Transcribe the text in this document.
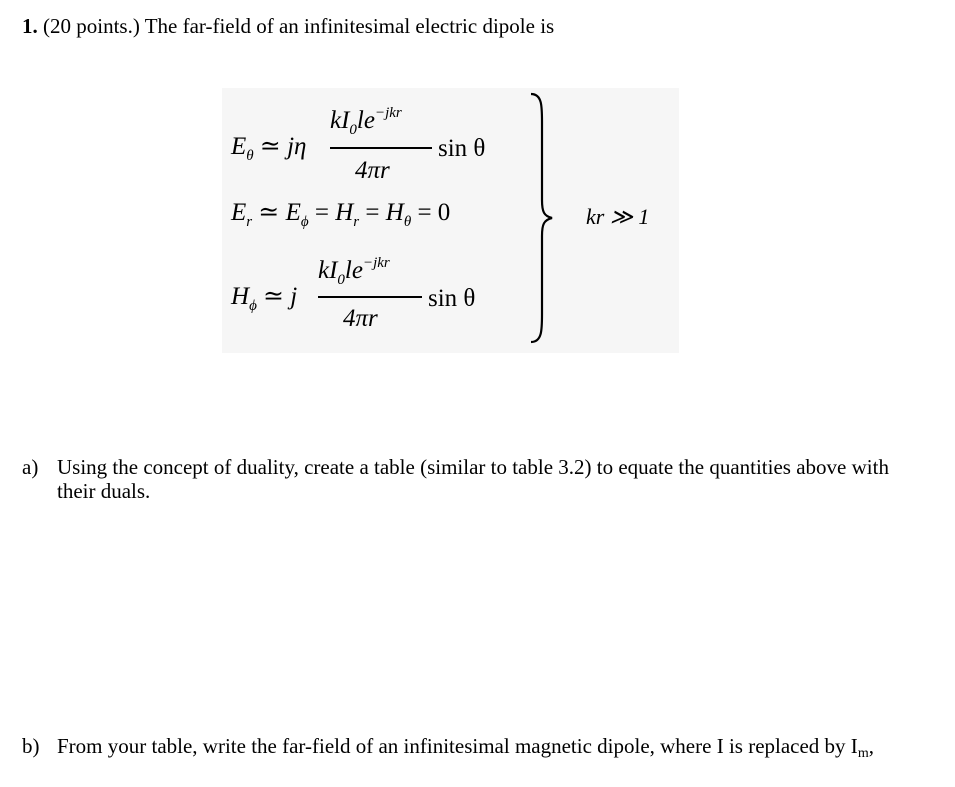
1. (20 points.) The far-field of an infinitesimal electric dipole is
$E_\theta$ ≃ jη
$kI_0le^{-jkr}$
4πr
sin θ
$E_r$ ≃ $E_\phi = H_r = H_\theta = 0$
$H_\phi$ ≃ j
$kI_0le^{-jkr}$
4πr
sin θ
kr ≫ 1
a) Using the concept of duality, create a table (similar to table 3.2) to equate the quantities above with their duals.
b) From your table, write the far-field of an infinitesimal magnetic dipole, where I is replaced by Im,
